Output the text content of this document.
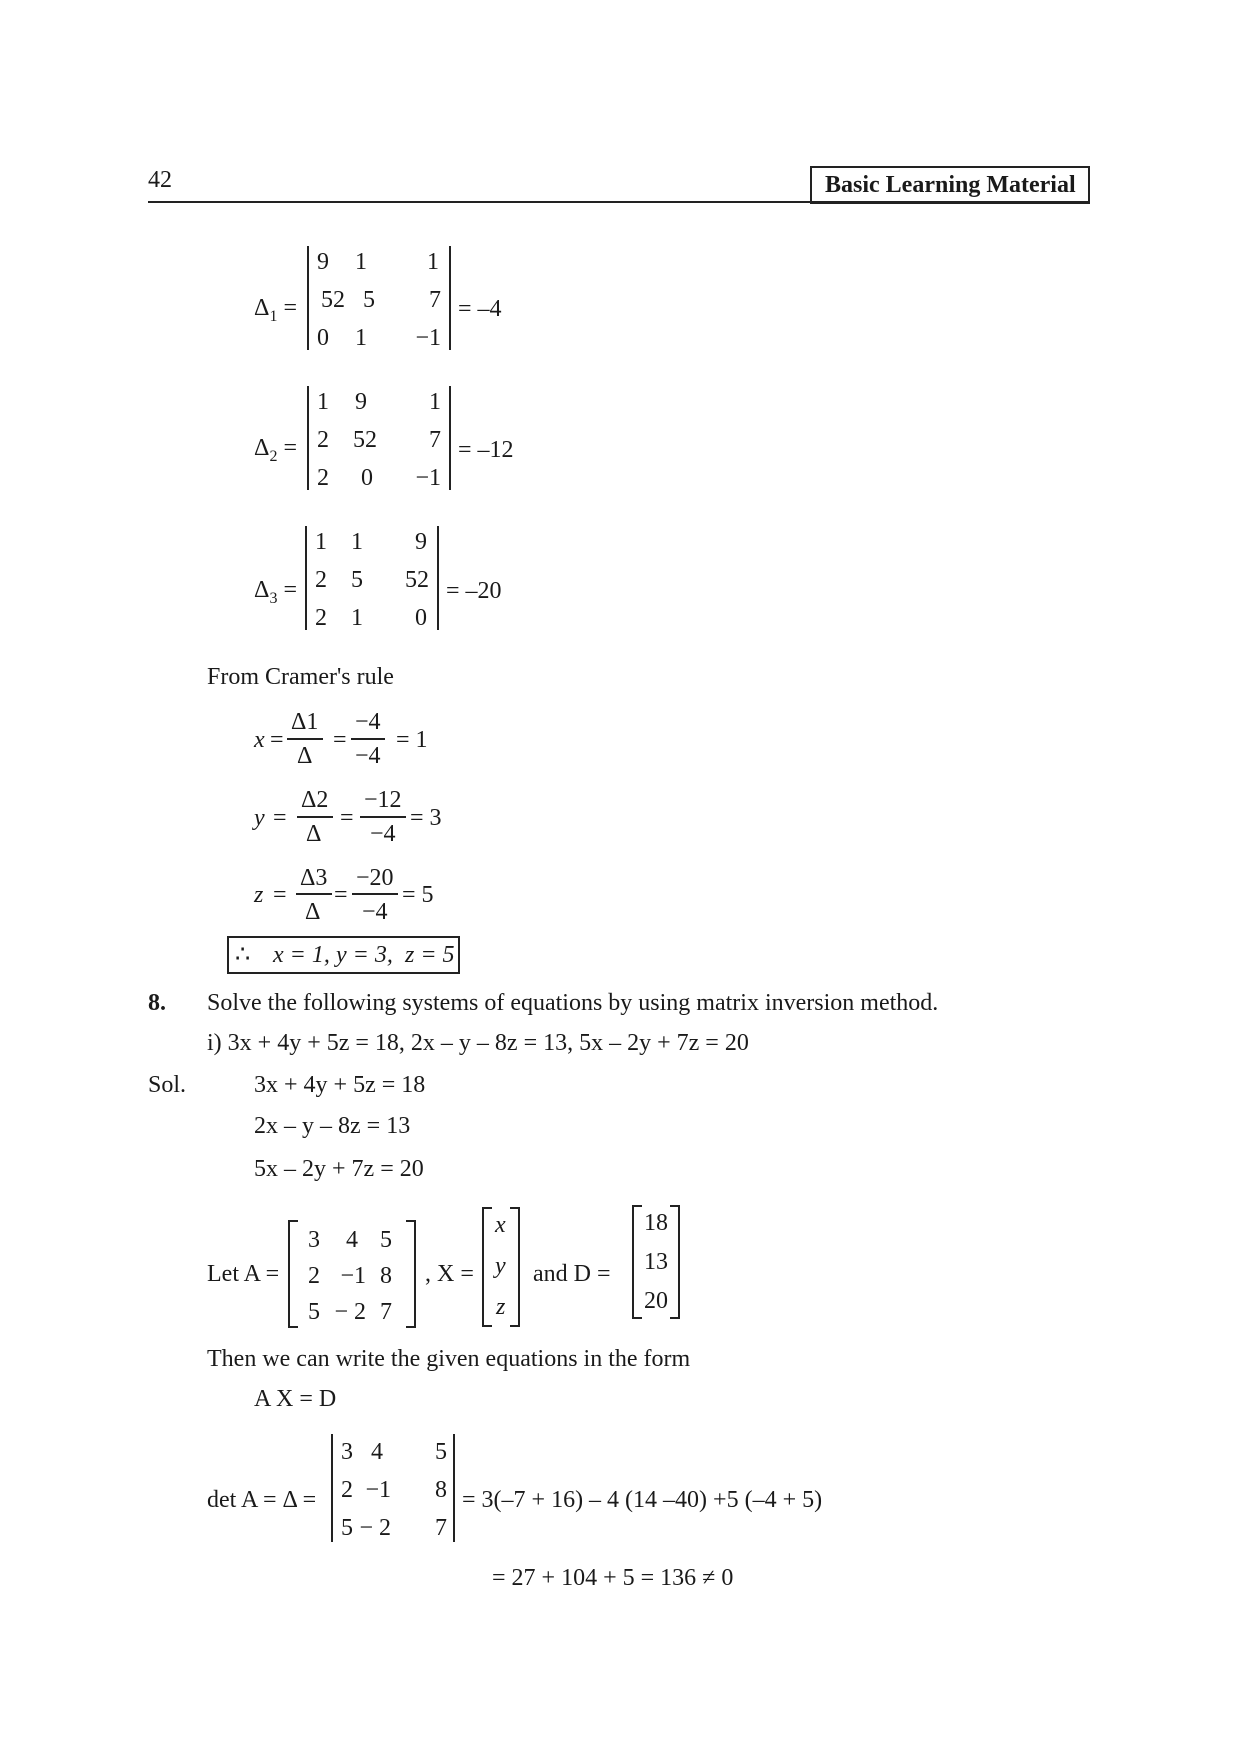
42	Basic Learning Material
$\Delta_1$ =
9	1	1
52 5	7
0	1	−1
= –4
$\Delta_2$ =
1	9	1
2	52	7
2	0	−1
= –12
$\Delta_3$ =
1	1	9
2	5	52
2	1	0
= –20
From Cramer's rule
x =
Δ1
Δ
=
−4
−4
= 1
y =
Δ2
Δ
=
−12
−4
= 3
z =
Δ3
Δ
=
−20
−4
= 5
∴ x = 1, y = 3, z = 5
8. Solve the following systems of equations by using matrix inversion method.
i) 3x + 4y + 5z = 18, 2x – y – 8z = 13, 5x – 2y + 7z = 20
Sol.	3x + 4y + 5z = 18
2x – y – 8z = 13
5x – 2y + 7z = 20
Let A =
3	4 5
2 −1 8
5 − 2 7
, X =
x
y
z
and D =
18
13
20
Then we can write the given equations in the form
A X = D
det A = Δ =
3 4	5
2 −1	8
5 − 2	7
= 3(–7 + 16) – 4 (14 –40) +5 (–4 + 5)
= 27 + 104 + 5 = 136 ≠ 0
